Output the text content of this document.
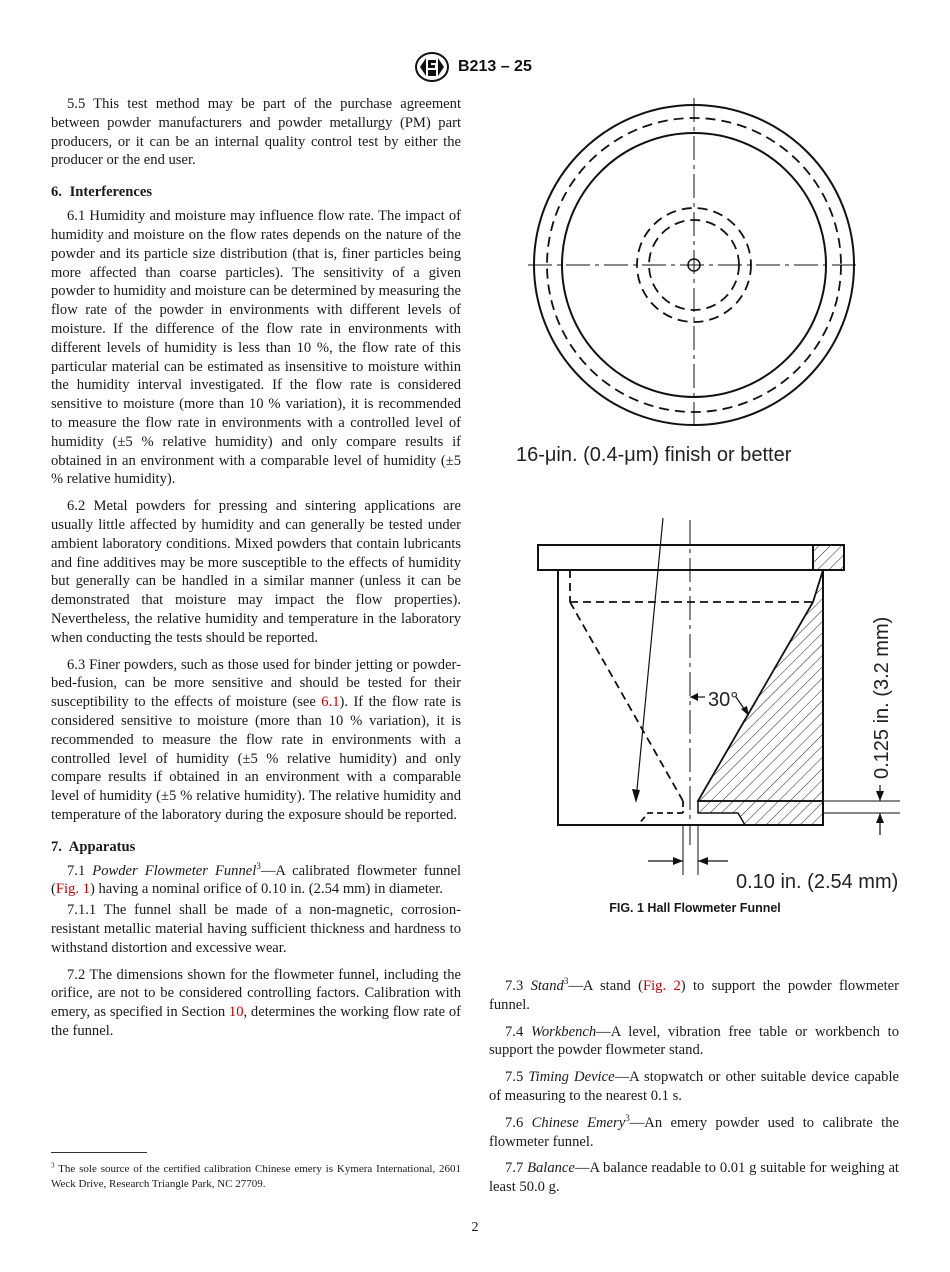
B213 – 25

5.5 This test method may be part of the purchase agreement between powder manufacturers and powder metallurgy (PM) part producers, or it can be an internal quality control test by either the producer or the end user.

6. Interferences

6.1 Humidity and moisture may influence flow rate. The impact of humidity and moisture on the flow rates depends on the nature of the powder and its particle size distribution (that is, finer particles being more affected than coarse particles). The sensitivity of a given powder to humidity and moisture can be determined by measuring the flow rate of the powder in environments with different levels of moisture. If the difference of the flow rate in environments with different levels of humidity is less than 10 %, the flow rate of this particular material can be estimated as insensitive to moisture within the humidity interval investigated. If the flow rate is considered sensitive to moisture (more than 10 % variation), it is recommended to measure the flow rate in environments with a controlled level of humidity (±5 % relative humidity) and only compare results if obtained in an environment with a comparable level of humidity (±5 % relative humidity).

6.2 Metal powders for pressing and sintering applications are usually little affected by humidity and can generally be tested under ambient laboratory conditions. Mixed powders that contain lubricants and fine additives may be more susceptible to the effects of humidity but generally can be handled in a similar manner (unless it can be demonstrated that moisture may impact the flow properties). Nevertheless, the relative humidity and temperature in the laboratory when conducting the tests should be reported.

6.3 Finer powders, such as those used for binder jetting or powder-bed-fusion, can be more sensitive and should be tested for their susceptibility to the effects of moisture (see 6.1). If the flow rate is considered sensitive to moisture (more than 10 % variation), it is recommended to measure the flow rate in environments with a controlled level of humidity (±5 % relative humidity) and only compare results if obtained in an environment with a comparable level of humidity (±5 % relative humidity). The relative humidity and temperature of the laboratory during the exposure should be reported.

7. Apparatus

7.1 Powder Flowmeter Funnel$^3$—A calibrated flowmeter funnel (Fig. 1) having a nominal orifice of 0.10 in. (2.54 mm) in diameter.

7.1.1 The funnel shall be made of a non-magnetic, corrosion-resistant metallic material having sufficient thickness and hardness to withstand distortion and excessive wear.

7.2 The dimensions shown for the flowmeter funnel, including the orifice, are not to be considered controlling factors. Calibration with emery, as specified in Section 10, determines the working flow rate of the funnel.

$^3$ The sole source of the certified calibration Chinese emery is Kymera International, 2601 Weck Drive, Research Triangle Park, NC 27709.
16-μin. (0.4-μm) finish or better
30°	0.125 in. (3.2 mm)
0.10 in. (2.54 mm)
FIG. 1 Hall Flowmeter Funnel

7.3 Stand$^3$—A stand (Fig. 2) to support the powder flowmeter funnel.

7.4 Workbench—A level, vibration free table or workbench to support the powder flowmeter stand.

7.5 Timing Device—A stopwatch or other suitable device capable of measuring to the nearest 0.1 s.

7.6 Chinese Emery$^3$—An emery powder used to calibrate the flowmeter funnel.

7.7 Balance—A balance readable to 0.01 g suitable for weighing at least 50.0 g.

2
